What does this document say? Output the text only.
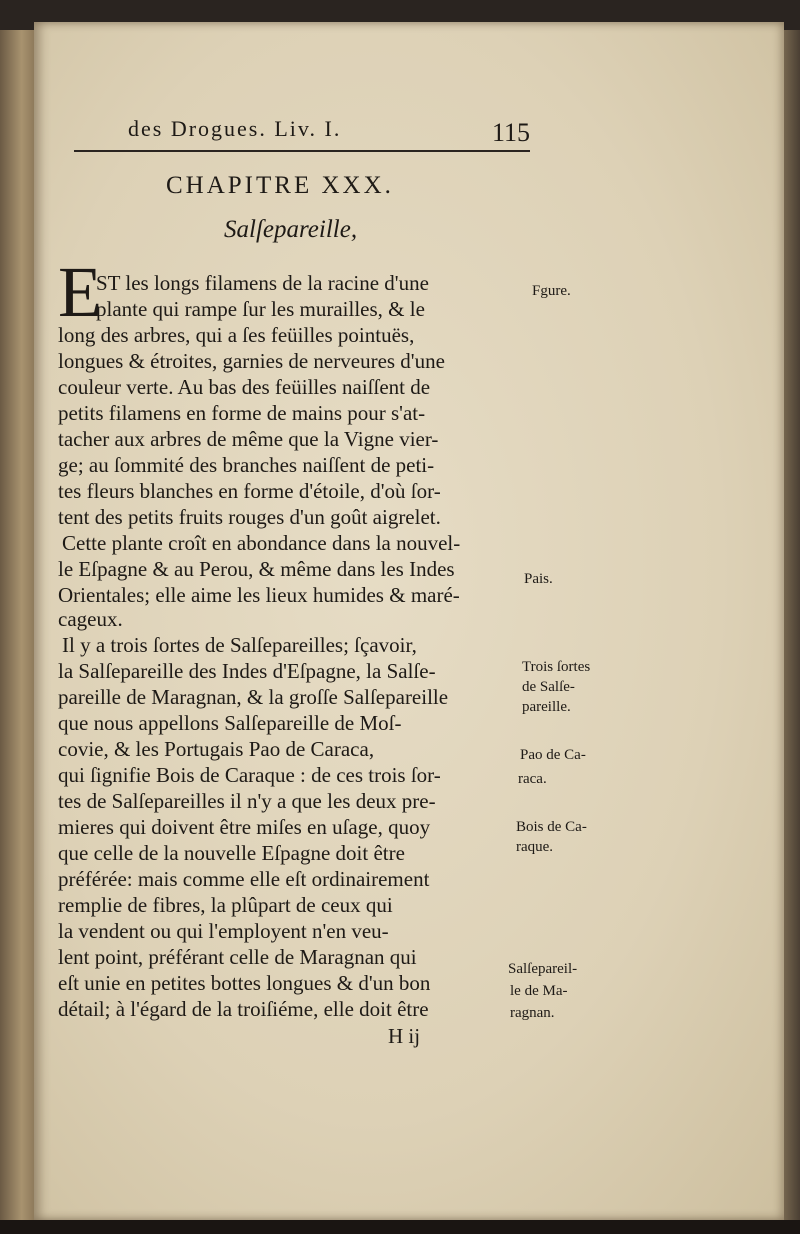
des Drogues. Liv. I.	115
CHAPITRE XXX.
Salſepareille,
E
ST les longs filamens de la racine d'une
plante qui rampe ſur les murailles, & le
long des arbres, qui a ſes feüilles pointuës,
longues & étroites, garnies de nerveures d'une
couleur verte. Au bas des feüilles naiſſent de
petits filamens en forme de mains pour s'at-
tacher aux arbres de même que la Vigne vier-
ge; au ſommité des branches naiſſent de peti-
tes fleurs blanches en forme d'étoile, d'où ſor-
tent des petits fruits rouges d'un goût aigrelet.
Cette plante croît en abondance dans la nouvel-
le Eſpagne & au Perou, & même dans les Indes
Orientales; elle aime les lieux humides & maré-
cageux.
Il y a trois ſortes de Salſepareilles; ſçavoir,
la Salſepareille des Indes d'Eſpagne, la Salſe-
pareille de Maragnan, & la groſſe Salſepareille
que nous appellons Salſepareille de Moſ-
covie, & les Portugais Pao de Caraca,
qui ſignifie Bois de Caraque : de ces trois ſor-
tes de Salſepareilles il n'y a que les deux pre-
mieres qui doivent être miſes en uſage, quoy
que celle de la nouvelle Eſpagne doit être
préférée: mais comme elle eſt ordinairement
remplie de fibres, la plûpart de ceux qui
la vendent ou qui l'employent n'en veu-
lent point, préférant celle de Maragnan qui
eſt unie en petites bottes longues & d'un bon
détail; à l'égard de la troiſiéme, elle doit être
Fgure.
Pais.
Trois ſortes
de Salſe-
pareille.
Pao de Ca-
raca.
Bois de Ca-
raque.
Salſepareil-
le de Ma-
ragnan.
H ij
